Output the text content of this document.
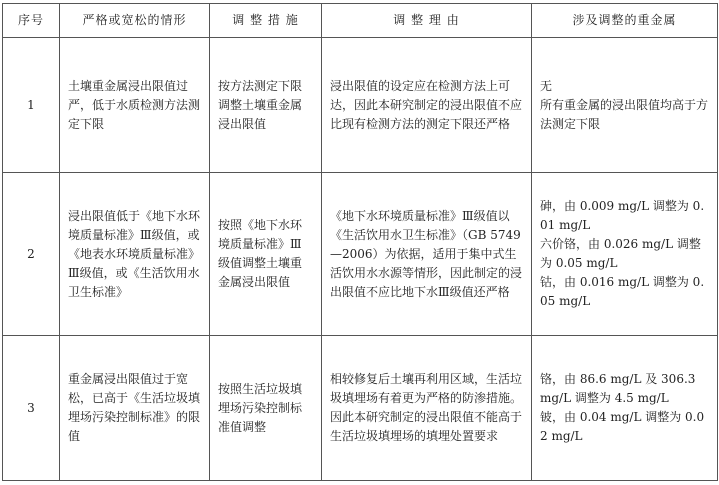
序号	严格或宽松的情形	调 整 措 施	调 整 理 由	涉及调整的重金属
1	土壤重金属浸出限值过严，低于水质检测方法测定下限	按方法测定下限调整土壤重金属浸出限值	浸出限值的设定应在检测方法上可达，因此本研究制定的浸出限值不应比现有检测方法的测定下限还严格	无
所有重金属的浸出限值均高于方法测定下限

2	浸出限值低于《地下水环境质量标准》Ⅲ级值，或《地表水环境质量标准》Ⅲ级值，或《生活饮用水卫生标准》	按照《地下水环境质量标准》Ⅲ级值调整土壤重金属浸出限值	《地下水环境质量标准》Ⅲ级值以《生活饮用水卫生标准》（GB 5749—2006）为依据，适用于集中式生活饮用水水源等情形，因此制定的浸出限值不应比地下水Ⅲ级值还严格	砷，由 0.009 mg/L 调整为 0.01 mg/L
六价铬，由 0.026 mg/L 调整为 0.05 mg/L
钴，由 0.016 mg/L 调整为 0.05 mg/L

3	重金属浸出限值过于宽松，已高于《生活垃圾填埋场污染控制标准》的限值	按照生活垃圾填埋场污染控制标准值调整	相较修复后土壤再利用区域，生活垃圾填埋场有着更为严格的防渗措施。因此本研究制定的浸出限值不能高于生活垃圾填埋场的填埋处置要求	铬，由 86.6 mg/L 及 306.3 mg/L 调整为 4.5 mg/L
铍，由 0.04 mg/L 调整为 0.02 mg/L
